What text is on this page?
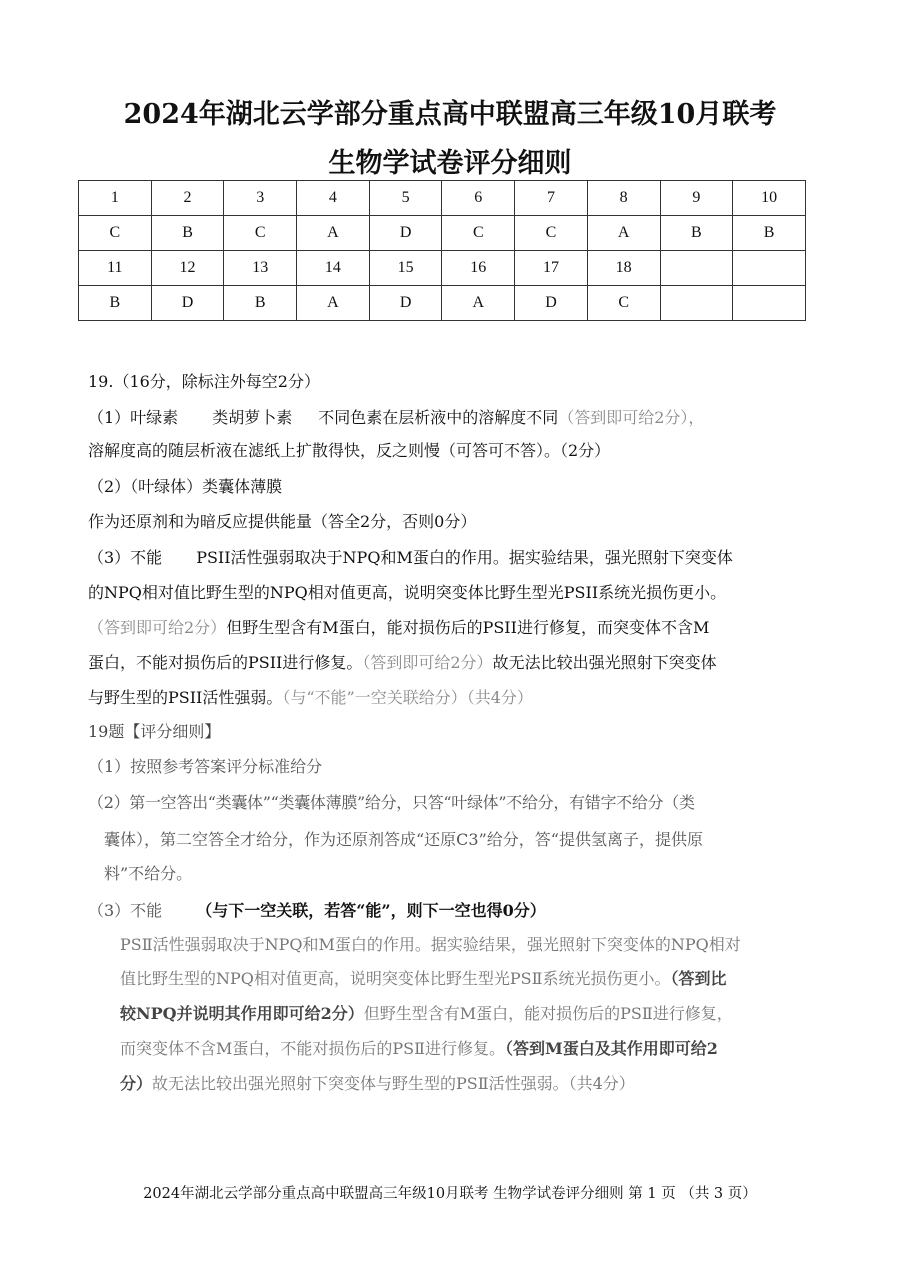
2024年湖北云学部分重点高中联盟高三年级10月联考
生物学试卷评分细则
1	2	3	4	5	6	7	8	9	10
C	B	C	A	D	C	C	A	B	B
11	12	13	14	15	16	17	18		
B	D	B	A	D	A	D	C		
19.（16分，除标注外每空2分）
（1）叶绿素 类胡萝卜素 不同色素在层析液中的溶解度不同（答到即可给2分），
溶解度高的随层析液在滤纸上扩散得快，反之则慢（可答可不答）。（2分）
（2）（叶绿体）类囊体薄膜
作为还原剂和为暗反应提供能量（答全2分，否则0分）
（3）不能 PSII活性强弱取决于NPQ和M蛋白的作用。据实验结果，强光照射下突变体
的NPQ相对值比野生型的NPQ相对值更高，说明突变体比野生型光PSII系统光损伤更小。
（答到即可给2分）但野生型含有M蛋白，能对损伤后的PSII进行修复，而突变体不含M
蛋白，不能对损伤后的PSII进行修复。（答到即可给2分）故无法比较出强光照射下突变体
与野生型的PSII活性强弱。（与“不能”一空关联给分）（共4分）
19题【评分细则】
（1）按照参考答案评分标准给分
（2）第一空答出“类囊体”“类囊体薄膜”给分，只答“叶绿体”不给分，有错字不给分（类
囊体），第二空答全才给分，作为还原剂答成“还原C3”给分，答“提供氢离子，提供原
料”不给分。
（3）不能 （与下一空关联，若答“能”，则下一空也得0分）
PSⅡ活性强弱取决于NPQ和M蛋白的作用。据实验结果，强光照射下突变体的NPQ相对
值比野生型的NPQ相对值更高，说明突变体比野生型光PSⅡ系统光损伤更小。（答到比
较NPQ并说明其作用即可给2分）但野生型含有M蛋白，能对损伤后的PSⅡ进行修复，
而突变体不含M蛋白，不能对损伤后的PSⅡ进行修复。（答到M蛋白及其作用即可给2
分）故无法比较出强光照射下突变体与野生型的PSⅡ活性强弱。（共4分）
2024年湖北云学部分重点高中联盟高三年级10月联考 生物学试卷评分细则 第 1 页 （共 3 页）
